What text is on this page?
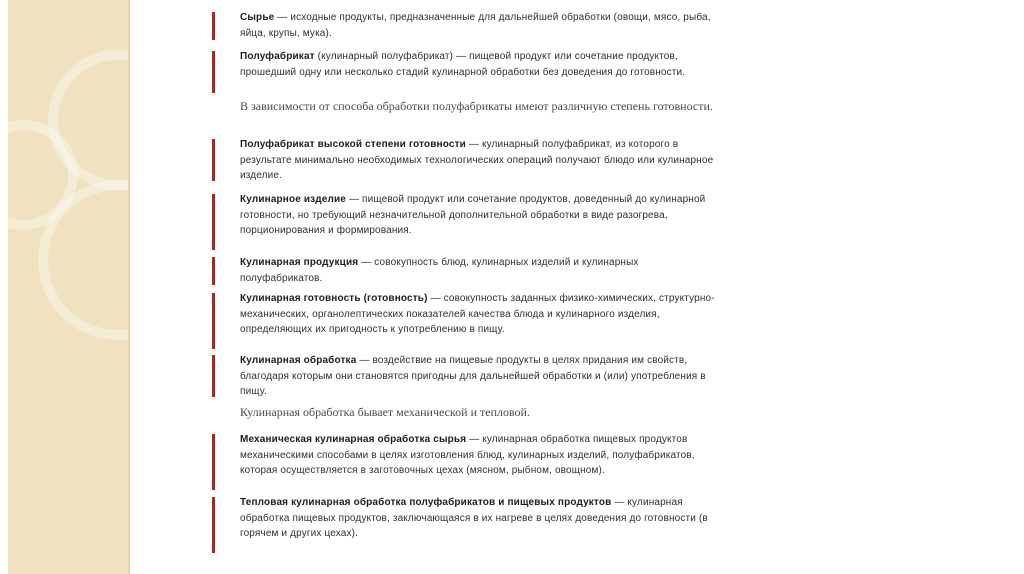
Сырье — исходные продукты, предназначенные для дальнейшей обработки (овощи, мясо, рыба, яйца, крупы, мука).
Полуфабрикат (кулинарный полуфабрикат) — пищевой продукт или сочетание продуктов, прошедший одну или несколько стадий кулинарной обработки без доведения до готовности.
В зависимости от способа обработки полуфабрикаты имеют различную степень готовности.
Полуфабрикат высокой степени готовности — кулинарный полуфабрикат, из которого в результате минимально необходимых технологических операций получают блюдо или кулинарное изделие.
Кулинарное изделие — пищевой продукт или сочетание продуктов, доведенный до кулинарной готовности, но требующий незначительной дополнительной обработки в виде разогрева, порционирования и формирования.
Кулинарная продукция — совокупность блюд, кулинарных изделий и кулинарных полуфабрикатов.
Кулинарная готовность (готовность) — совокупность заданных физико-химических, структурно-механических, органолептических показателей качества блюда и кулинарного изделия, определяющих их пригодность к употреблению в пищу.
Кулинарная обработка — воздействие на пищевые продукты в целях придания им свойств, благодаря которым они становятся пригодны для дальнейшей обработки и (или) употребления в пищу.
Кулинарная обработка бывает механической и тепловой.
Механическая кулинарная обработка сырья — кулинарная обработка пищевых продуктов механическими способами в целях изготовления блюд, кулинарных изделий, полуфабрикатов, которая осуществляется в заготовочных цехах (мясном, рыбном, овощном).
Тепловая кулинарная обработка полуфабрикатов и пищевых продуктов — кулинарная обработка пищевых продуктов, заключающаяся в их нагреве в целях доведения до готовности (в горячем и других цехах).
